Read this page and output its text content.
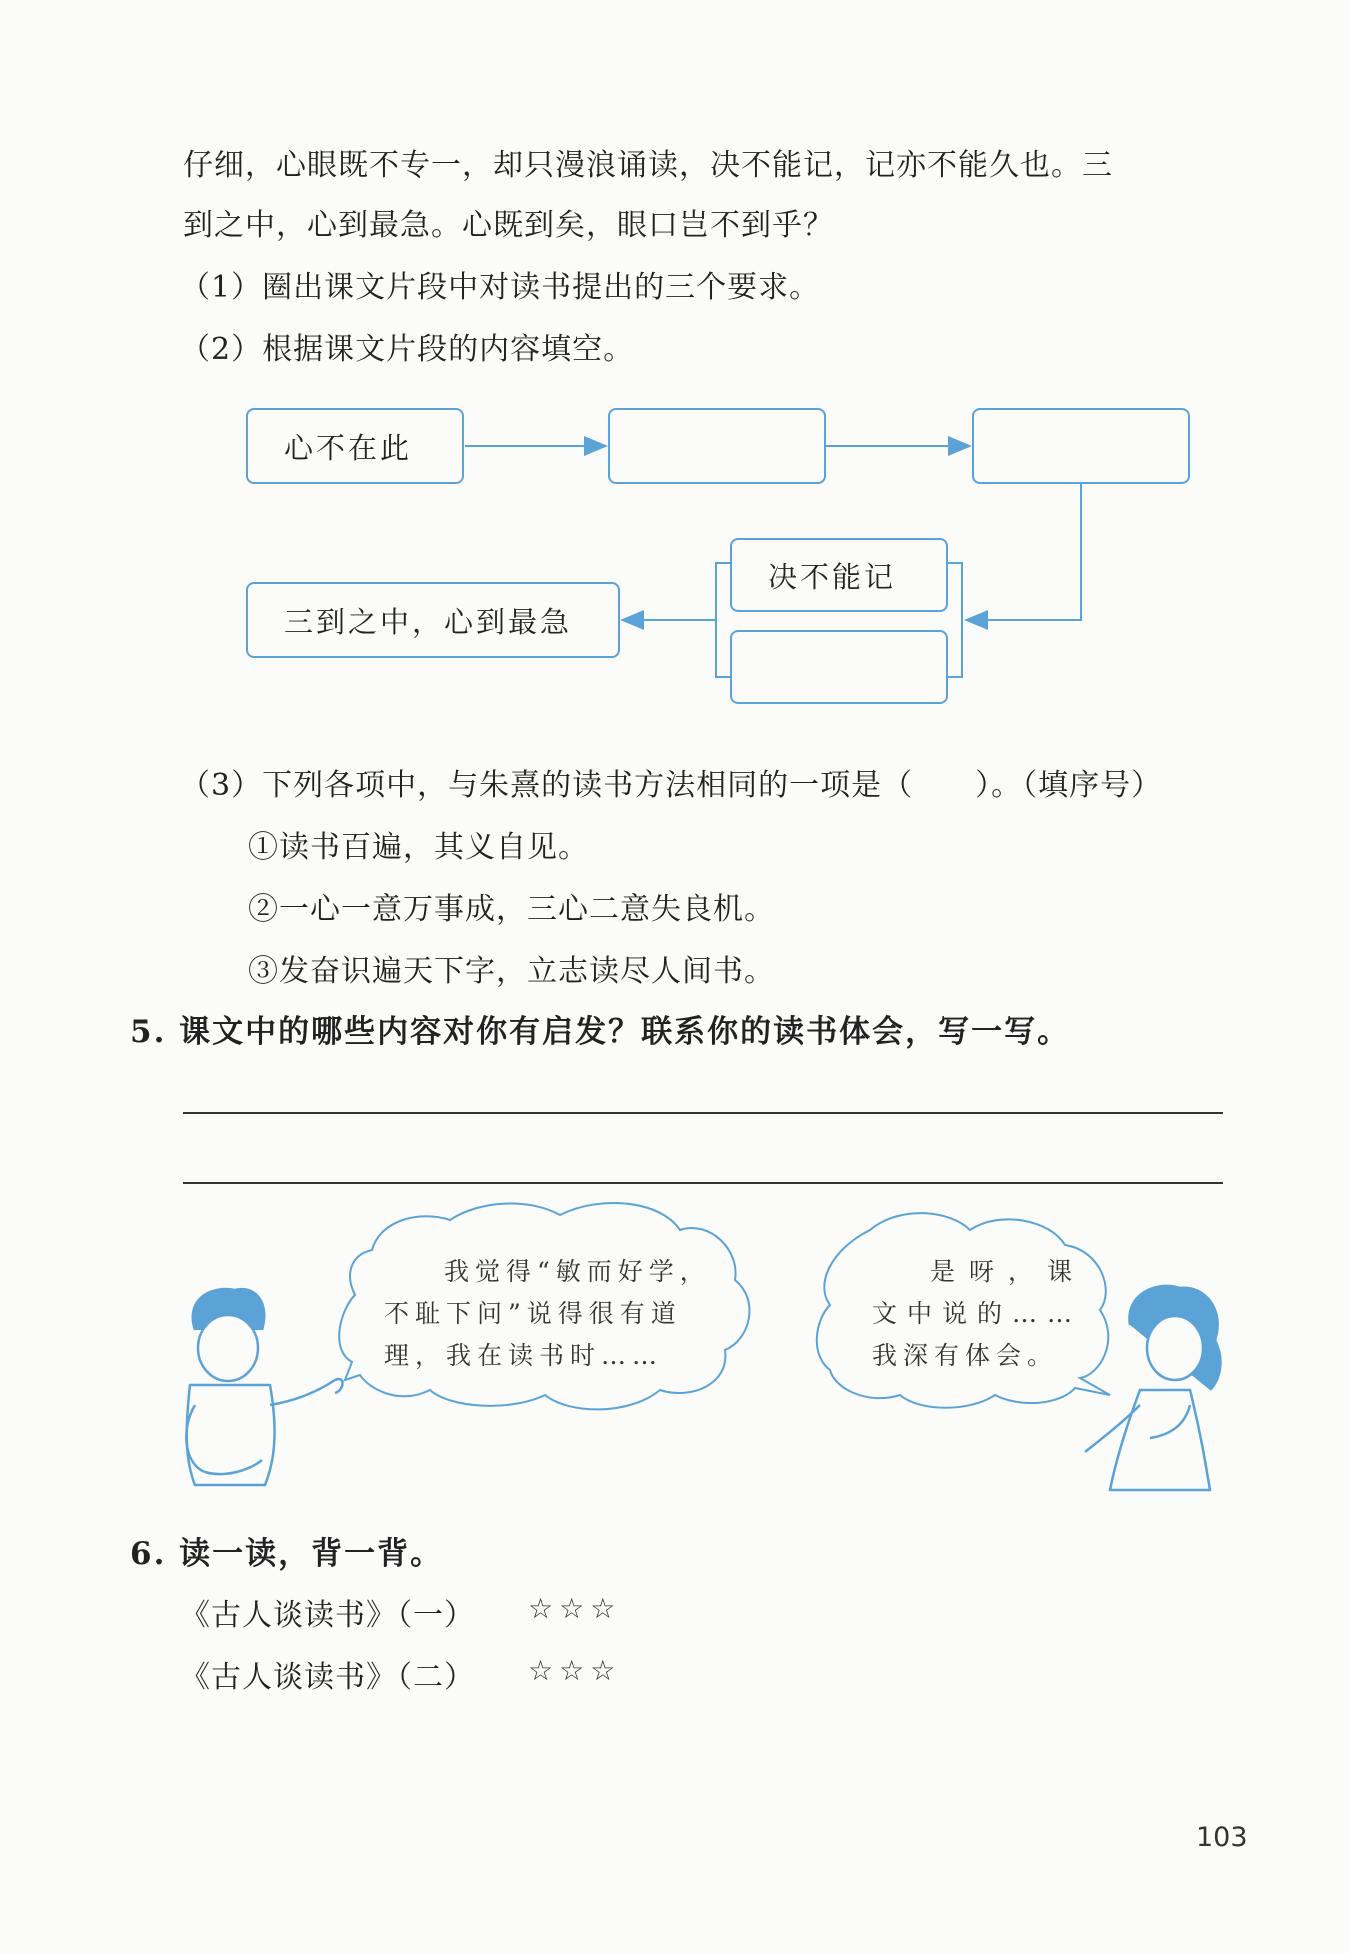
仔细，心眼既不专一，却只漫浪诵读，决不能记，记亦不能久也。三
到之中，心到最急。心既到矣，眼口岂不到乎？
（1）圈出课文片段中对读书提出的三个要求。
（2）根据课文片段的内容填空。
心不在此
决不能记
三到之中，心到最急
（3）下列各项中，与朱熹的读书方法相同的一项是（　　）。（填序号）
①读书百遍，其义自见。
②一心一意万事成，三心二意失良机。
③发奋识遍天下字，立志读尽人间书。
5. 课文中的哪些内容对你有启发？联系你的读书体会，写一写。
我觉得“敏而好学，
不耻下问”说得很有道
理，我在读书时……
是呀，课
文中说的……
我深有体会。
6. 读一读，背一背。
《古人谈读书》（一） ☆☆☆
《古人谈读书》（二） ☆☆☆
103
